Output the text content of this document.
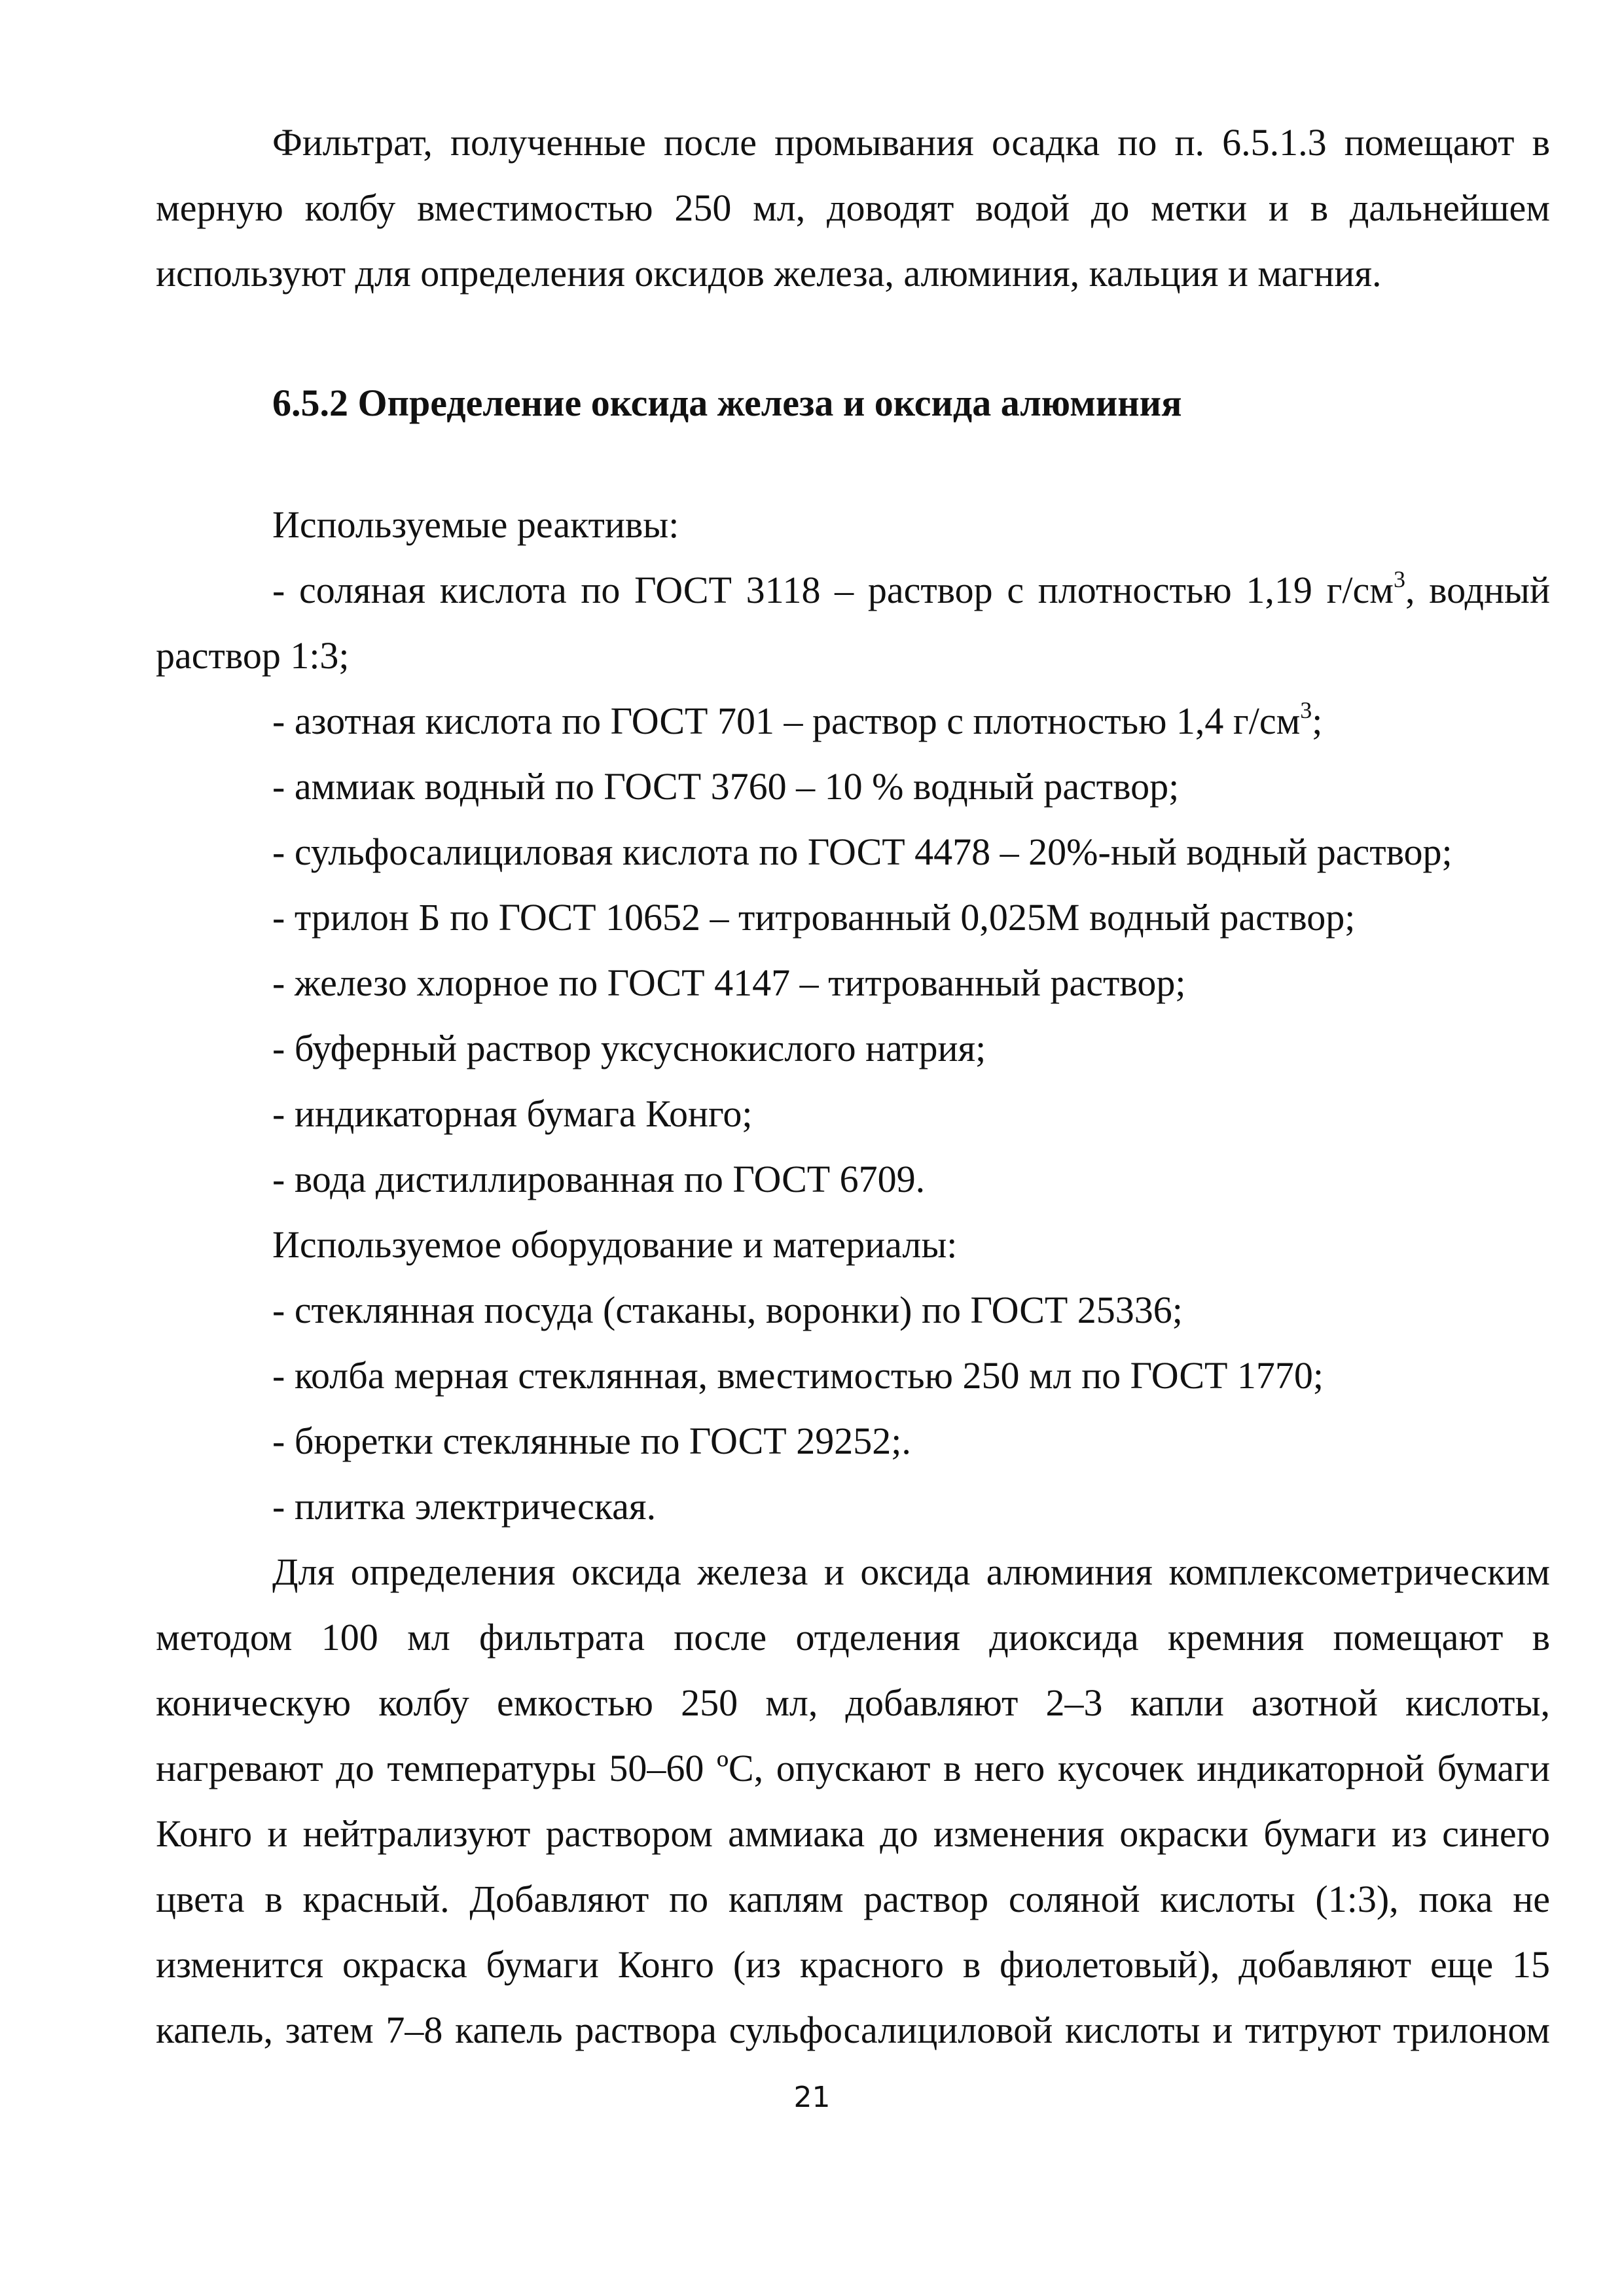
Фильтрат, полученные после промывания осадка по п. 6.5.1.3 помещают в мерную колбу вместимостью 250 мл, доводят водой до метки и в дальнейшем используют для определения оксидов железа, алюминия, кальция и магния.

6.5.2 Определение оксида железа и оксида алюминия

Используемые реактивы:

- соляная кислота по ГОСТ 3118 – раствор с плотностью 1,19 $г/см^3$, водный

раствор 1:3;

- азотная кислота по ГОСТ 701 – раствор с плотностью 1,4 $г/см^3$;

- аммиак водный по ГОСТ 3760 – 10 % водный раствор;

- сульфосалициловая кислота по ГОСТ 4478 – 20%-ный водный раствор;

- трилон Б по ГОСТ 10652 – титрованный 0,025М водный раствор;

- железо хлорное по ГОСТ 4147 – титрованный раствор;

- буферный раствор уксуснокислого натрия;

- индикаторная бумага Конго;

- вода дистиллированная по ГОСТ 6709.

Используемое оборудование и материалы:

- стеклянная посуда (стаканы, воронки) по ГОСТ 25336;

- колба мерная стеклянная, вместимостью 250 мл по ГОСТ 1770;

- бюретки стеклянные по ГОСТ 29252;.

- плитка электрическая.

Для определения оксида железа и оксида алюминия комплексометрическим методом 100 мл фильтрата после отделения диоксида кремния помещают в коническую колбу емкостью 250 мл, добавляют 2–3 капли азотной кислоты, нагревают до температуры 50–60 ºС, опускают в него кусочек индикаторной бумаги Конго и нейтрализуют раствором аммиака до изменения окраски бумаги из синего цвета в красный. Добавляют по каплям раствор соляной кислоты (1:3), пока не изменится окраска бумаги Конго (из красного в фиолетовый), добавляют еще 15 капель, затем 7–8 капель раствора сульфосалициловой кислоты и титруют трилоном

21
